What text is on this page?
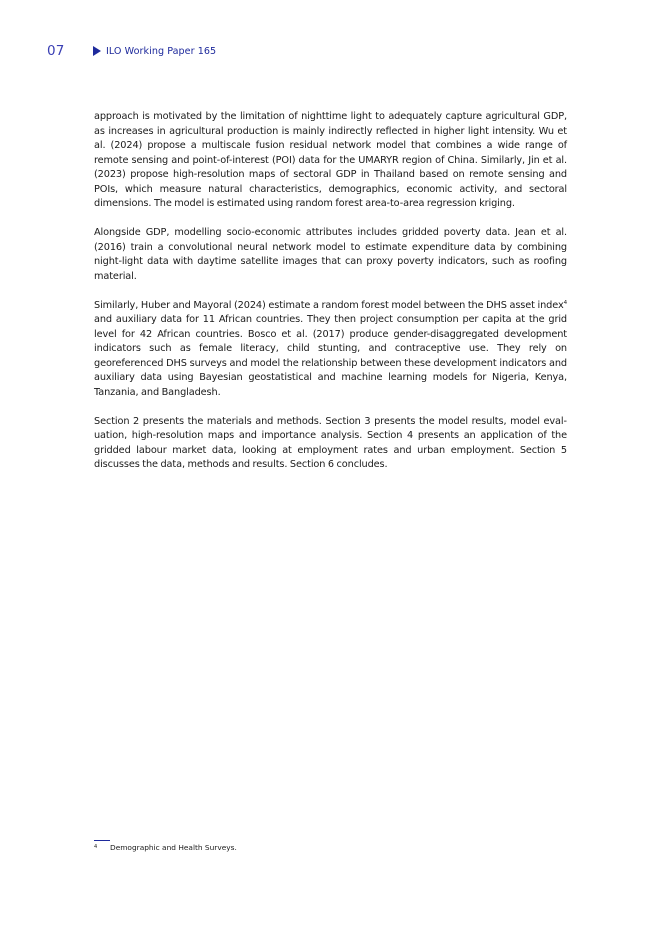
07	ILO Working Paper 165

approach is motivated by the limitation of nighttime light to adequately capture agricultural GDP, as increases in agricultural production is mainly indirectly reflected in higher light intensity. Wu et al. (2024) propose a multiscale fusion residual network model that combines a wide range of remote sensing and point-of-interest (POI) data for the UMARYR region of China. Similarly, Jin et al. (2023) propose high-resolution maps of sectoral GDP in Thailand based on remote sensing and POIs, which measure natural characteristics, demographics, economic activity, and sectoral dimensions. The model is estimated using random forest area-to-area regression kriging.

Alongside GDP, modelling socio-economic attributes includes gridded poverty data. Jean et al. (2016) train a convolutional neural network model to estimate expenditure data by combining night-light data with daytime satellite images that can proxy poverty indicators, such as roofing material.

Similarly, Huber and Mayoral (2024) estimate a random forest model between the DHS asset index$^4$ and auxiliary data for 11 African countries. They then project consumption per capita at the grid level for 42 African countries. Bosco et al. (2017) produce gender-disaggregated development indicators such as female literacy, child stunting, and contraceptive use. They rely on georeferenced DHS surveys and model the relationship between these development indicators and auxiliary data using Bayesian geostatistical and machine learning models for Nigeria, Kenya, Tanzania, and Bangladesh.

Section 2 presents the materials and methods. Section 3 presents the model results, model evaluation, high-resolution maps and importance analysis. Section 4 presents an application of the gridded labour market data, looking at employment rates and urban employment. Section 5 discusses the data, methods and results. Section 6 concludes.

4	Demographic and Health Surveys.
